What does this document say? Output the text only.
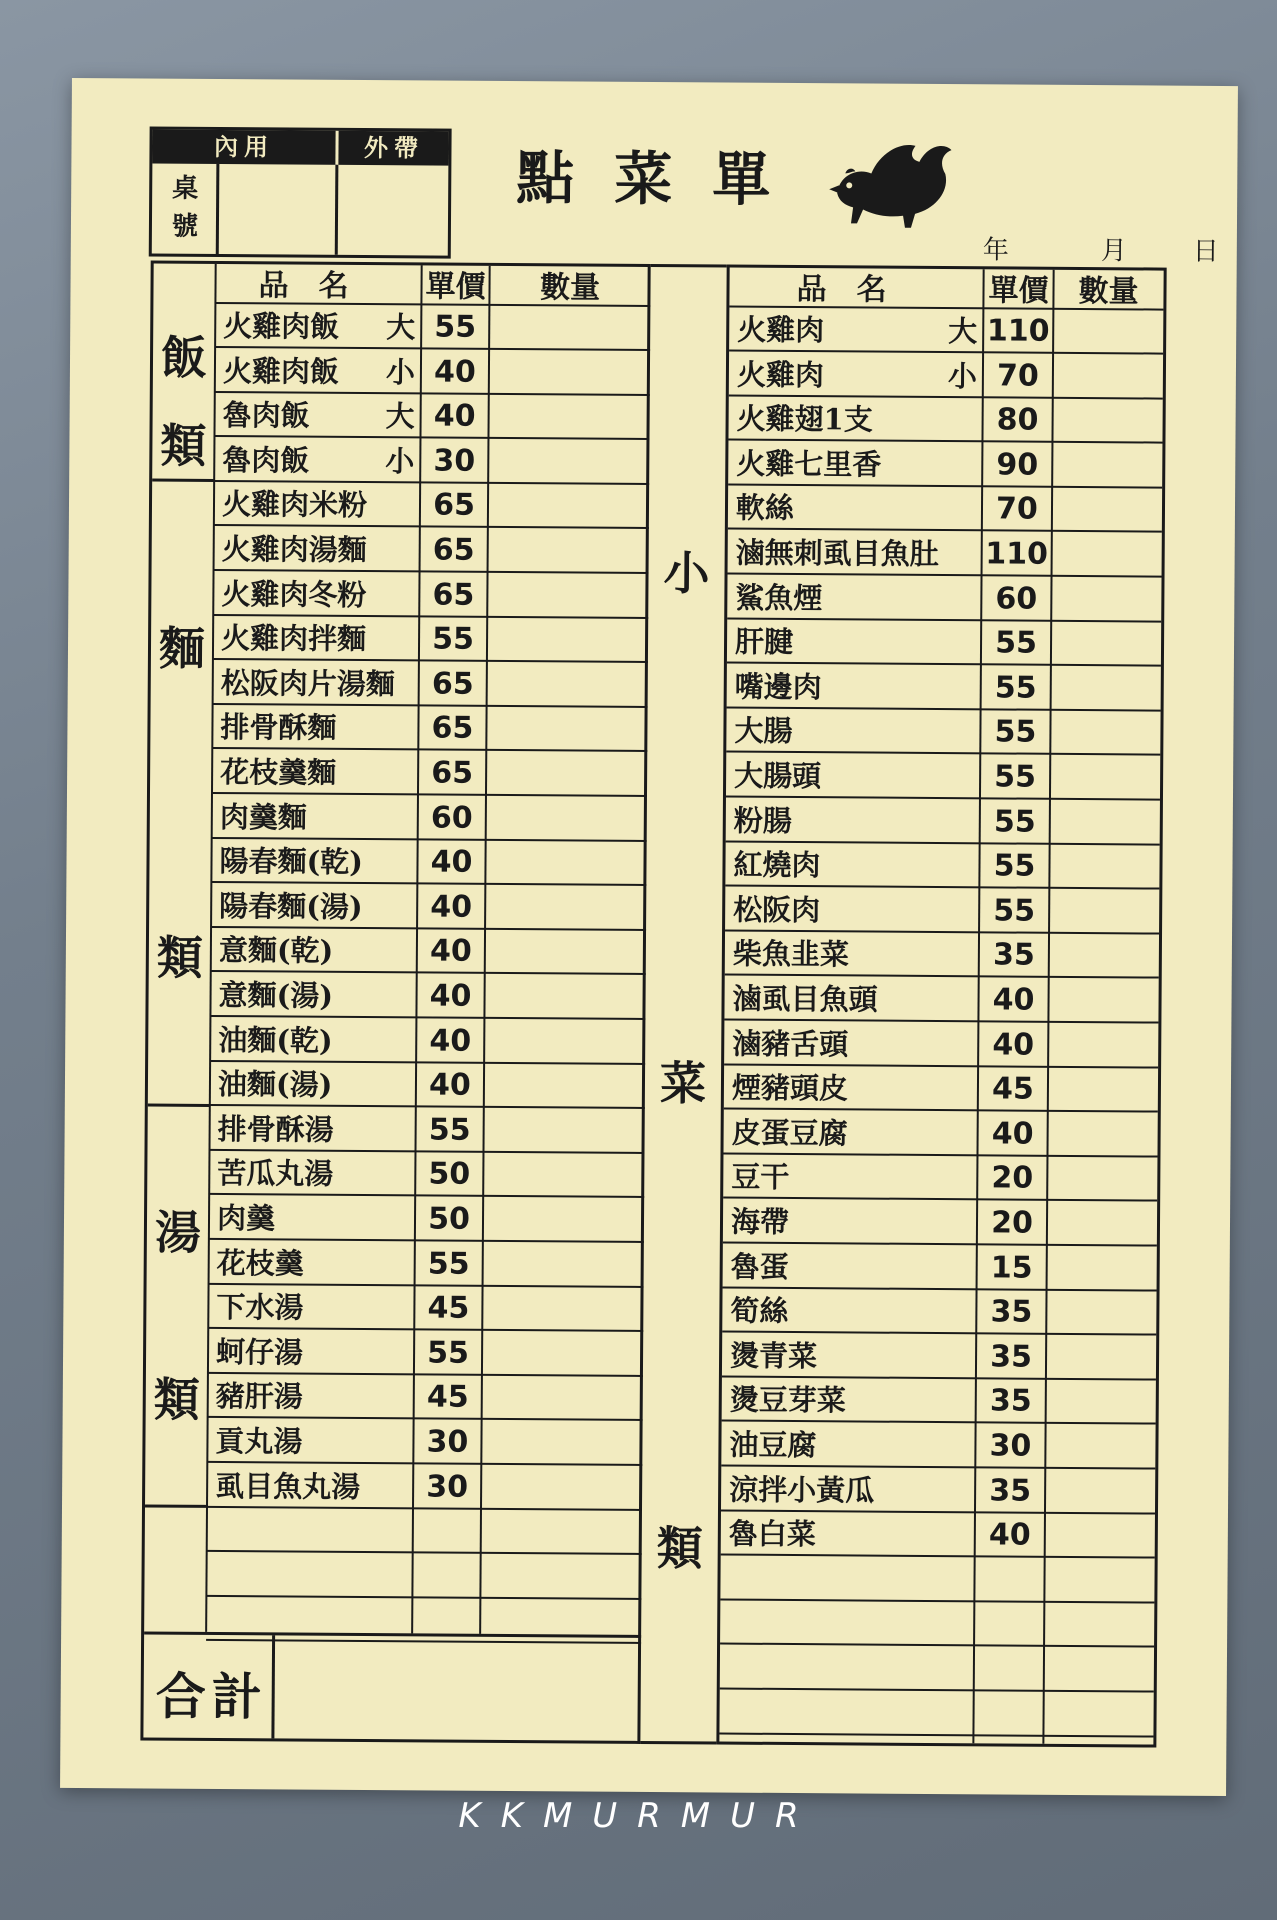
內用	外帶
桌號
點菜單
年	月	日
合計
品名	單價	數量
飯
類
火雞肉飯 大 55
火雞肉飯 小 40
魯肉飯	大 40
魯肉飯	小 30
麵
類
火雞肉米粉	65
火雞肉湯麵	65
火雞肉冬粉	65
火雞肉拌麵	55
松阪肉片湯麵	65
排骨酥麵	65
花枝羹麵	65
肉羹麵	60
陽春麵(乾)	40
陽春麵(湯)	40
意麵(乾)	40
意麵(湯)	40
油麵(乾)	40
油麵(湯)	40
湯
類
排骨酥湯	55
苦瓜丸湯	50
肉羹	50
花枝羹	55
下水湯	45
蚵仔湯	55
豬肝湯	45
貢丸湯	30
虱目魚丸湯	30
小
菜
類
品名	單價 數量
火雞肉	大 110
火雞肉	小 70
火雞翅1支	80
火雞七里香	90
軟絲	70
滷無刺虱目魚肚 110
鯊魚煙	60
肝腱	55
嘴邊肉	55
大腸	55
大腸頭	55
粉腸	55
紅燒肉	55
松阪肉	55
柴魚韭菜	35
滷虱目魚頭	40
滷豬舌頭	40
煙豬頭皮	45
皮蛋豆腐	40
豆干	20
海帶	20
魯蛋	15
筍絲	35
燙青菜	35
燙豆芽菜	35
油豆腐	30
涼拌小黃瓜	35
魯白菜	40
KKMURMUR
